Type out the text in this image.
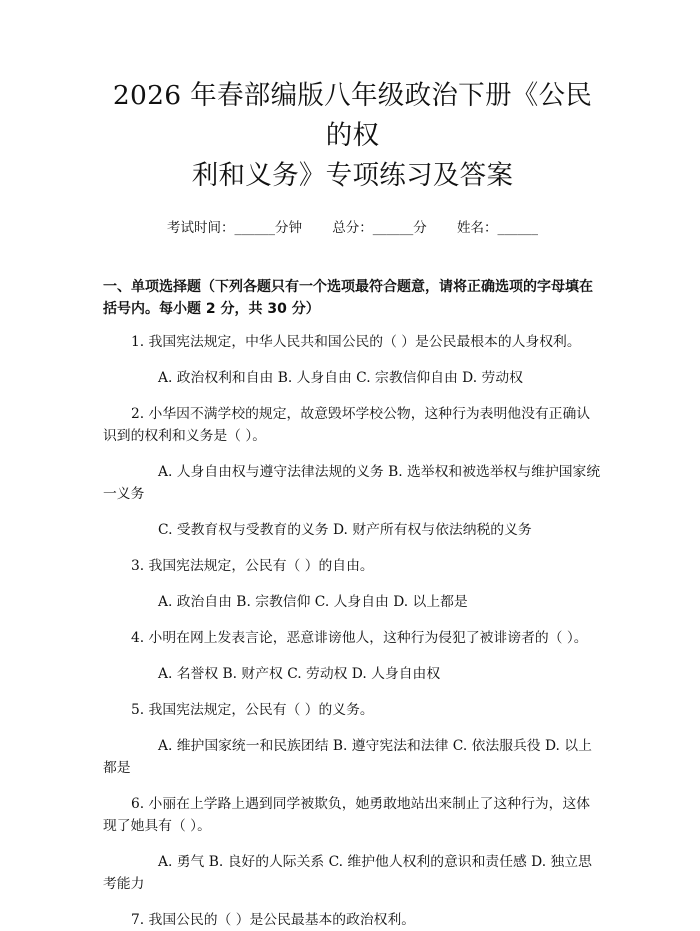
2026 年春部编版八年级政治下册《公民的权
利和义务》专项练习及答案
考试时间：______分钟 总分：______分 姓名：______
一、单项选择题（下列各题只有一个选项最符合题意，请将正确选项的字母填在括号内。每小题 2 分，共 30 分）

1. 我国宪法规定，中华人民共和国公民的（ ）是公民最根本的人身权利。

A. 政治权利和自由 B. 人身自由 C. 宗教信仰自由 D. 劳动权

2. 小华因不满学校的规定，故意毁坏学校公物，这种行为表明他没有正确认识到的权利和义务是（ ）。

A. 人身自由权与遵守法律法规的义务 B. 选举权和被选举权与维护国家统一义务

C. 受教育权与受教育的义务 D. 财产所有权与依法纳税的义务

3. 我国宪法规定，公民有（ ）的自由。

A. 政治自由 B. 宗教信仰 C. 人身自由 D. 以上都是

4. 小明在网上发表言论，恶意诽谤他人，这种行为侵犯了被诽谤者的（ ）。

A. 名誉权 B. 财产权 C. 劳动权 D. 人身自由权

5. 我国宪法规定，公民有（ ）的义务。

A. 维护国家统一和民族团结 B. 遵守宪法和法律 C. 依法服兵役 D. 以上都是

6. 小丽在上学路上遇到同学被欺负，她勇敢地站出来制止了这种行为，这体现了她具有（ ）。

A. 勇气 B. 良好的人际关系 C. 维护他人权利的意识和责任感 D. 独立思考能力

7. 我国公民的（ ）是公民最基本的政治权利。
